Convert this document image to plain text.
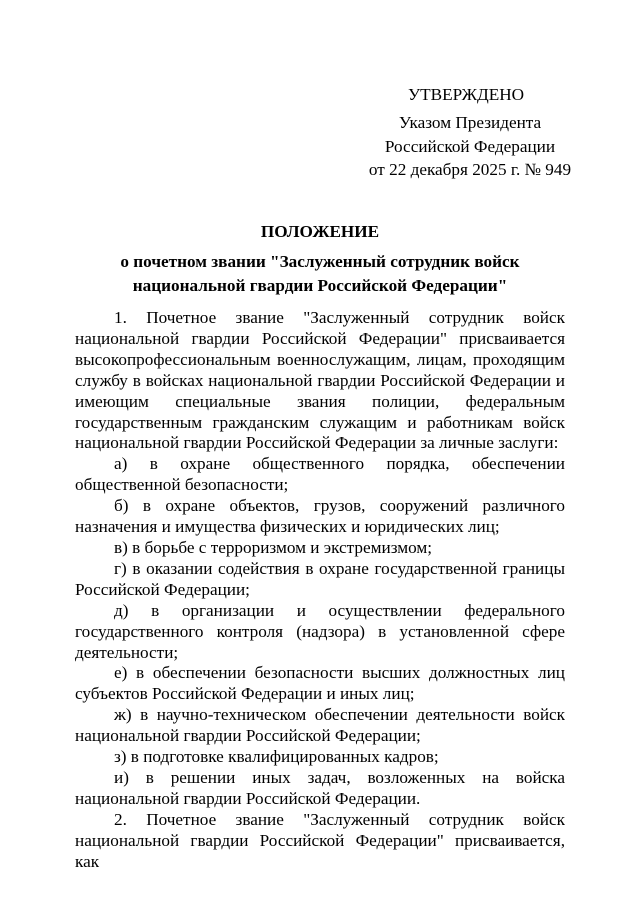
УТВЕРЖДЕНО
Указом Президента
Российской Федерации
от 22 декабря 2025 г. № 949
ПОЛОЖЕНИЕ
о почетном звании "Заслуженный сотрудник войск
национальной гвардии Российской Федерации"

1. Почетное звание "Заслуженный сотрудник войск национальной гвардии Российской Федерации" присваивается высокопрофессиональным военнослужащим, лицам, проходящим службу в войсках национальной гвардии Российской Федерации и имеющим специальные звания полиции, федеральным государственным гражданским служащим и работникам войск национальной гвардии Российской Федерации за личные заслуги:

а) в охране общественного порядка, обеспечении общественной безопасности;

б) в охране объектов, грузов, сооружений различного назначения и имущества физических и юридических лиц;

в) в борьбе с терроризмом и экстремизмом;

г) в оказании содействия в охране государственной границы Российской Федерации;

д) в организации и осуществлении федерального государственного контроля (надзора) в установленной сфере деятельности;

е) в обеспечении безопасности высших должностных лиц субъектов Российской Федерации и иных лиц;

ж) в научно-техническом обеспечении деятельности войск национальной гвардии Российской Федерации;

з) в подготовке квалифицированных кадров;

и) в решении иных задач, возложенных на войска национальной гвардии Российской Федерации.

2. Почетное звание "Заслуженный сотрудник войск национальной гвардии Российской Федерации" присваивается, как
